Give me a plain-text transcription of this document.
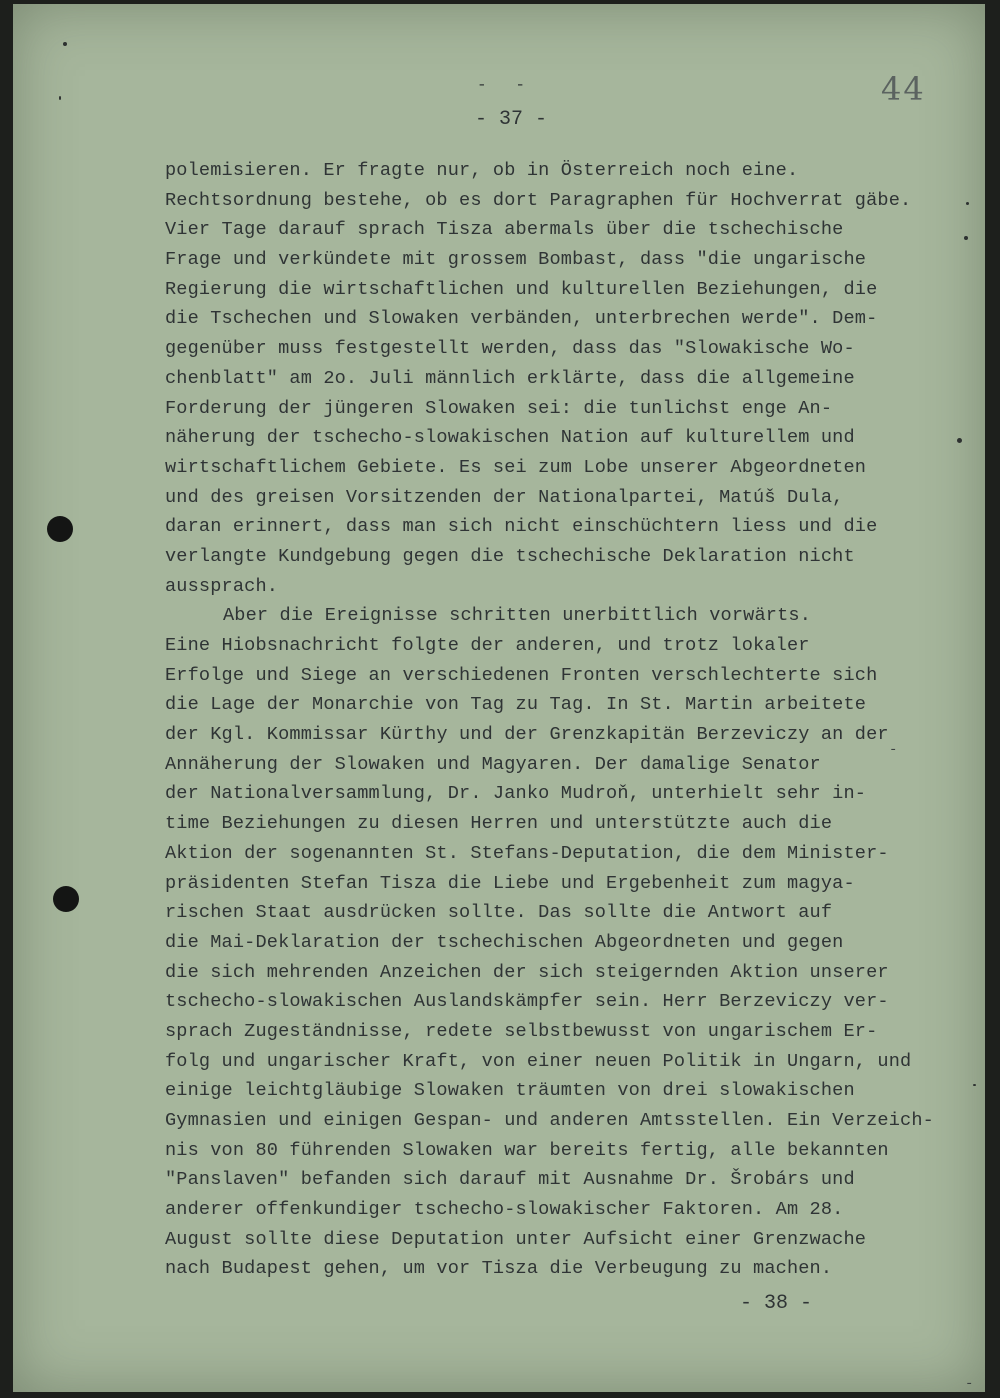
44
-   -
- 37 -
polemisieren. Er fragte nur, ob in Österreich noch eine.
Rechtsordnung bestehe, ob es dort Paragraphen für Hochverrat gäbe.
Vier Tage darauf sprach Tisza abermals über die tschechische
Frage und verkündete mit grossem Bombast, dass "die ungarische
Regierung die wirtschaftlichen und kulturellen Beziehungen, die
die Tschechen und Slowaken verbänden, unterbrechen werde". Dem-
gegenüber muss festgestellt werden, dass das "Slowakische Wo-
chenblatt" am 2o. Juli männlich erklärte, dass die allgemeine
Forderung der jüngeren Slowaken sei: die tunlichst enge An-
näherung der tschecho-slowakischen Nation auf kulturellem und
wirtschaftlichem Gebiete. Es sei zum Lobe unserer Abgeordneten
und des greisen Vorsitzenden der Nationalpartei, Matúš Dula,
daran erinnert, dass man sich nicht einschüchtern liess und die
verlangte Kundgebung gegen die tschechische Deklaration nicht
aussprach.
Aber die Ereignisse schritten unerbittlich vorwärts.
Eine Hiobsnachricht folgte der anderen, und trotz lokaler
Erfolge und Siege an verschiedenen Fronten verschlechterte sich
die Lage der Monarchie von Tag zu Tag. In St. Martin arbeitete
der Kgl. Kommissar Kürthy und der Grenzkapitän Berzeviczy an der
Annäherung der Slowaken und Magyaren. Der damalige Senator
der Nationalversammlung, Dr. Janko Mudroň, unterhielt sehr in-
time Beziehungen zu diesen Herren und unterstützte auch die
Aktion der sogenannten St. Stefans-Deputation, die dem Minister-
präsidenten Stefan Tisza die Liebe und Ergebenheit zum magya-
rischen Staat ausdrücken sollte. Das sollte die Antwort auf
die Mai-Deklaration der tschechischen Abgeordneten und gegen
die sich mehrenden Anzeichen der sich steigernden Aktion unserer
tschecho-slowakischen Auslandskämpfer sein. Herr Berzeviczy ver-
sprach Zugeständnisse, redete selbstbewusst von ungarischem Er-
folg und ungarischer Kraft, von einer neuen Politik in Ungarn, und
einige leichtgläubige Slowaken träumten von drei slowakischen
Gymnasien und einigen Gespan- und anderen Amtsstellen. Ein Verzeich-
nis von 80 führenden Slowaken war bereits fertig, alle bekannten
"Panslaven" befanden sich darauf mit Ausnahme Dr. Šrobárs und
anderer offenkundiger tschecho-slowakischer Faktoren. Am 28.
August sollte diese Deputation unter Aufsicht einer Grenzwache
nach Budapest gehen, um vor Tisza die Verbeugung zu machen.
- 38 -
-
-
